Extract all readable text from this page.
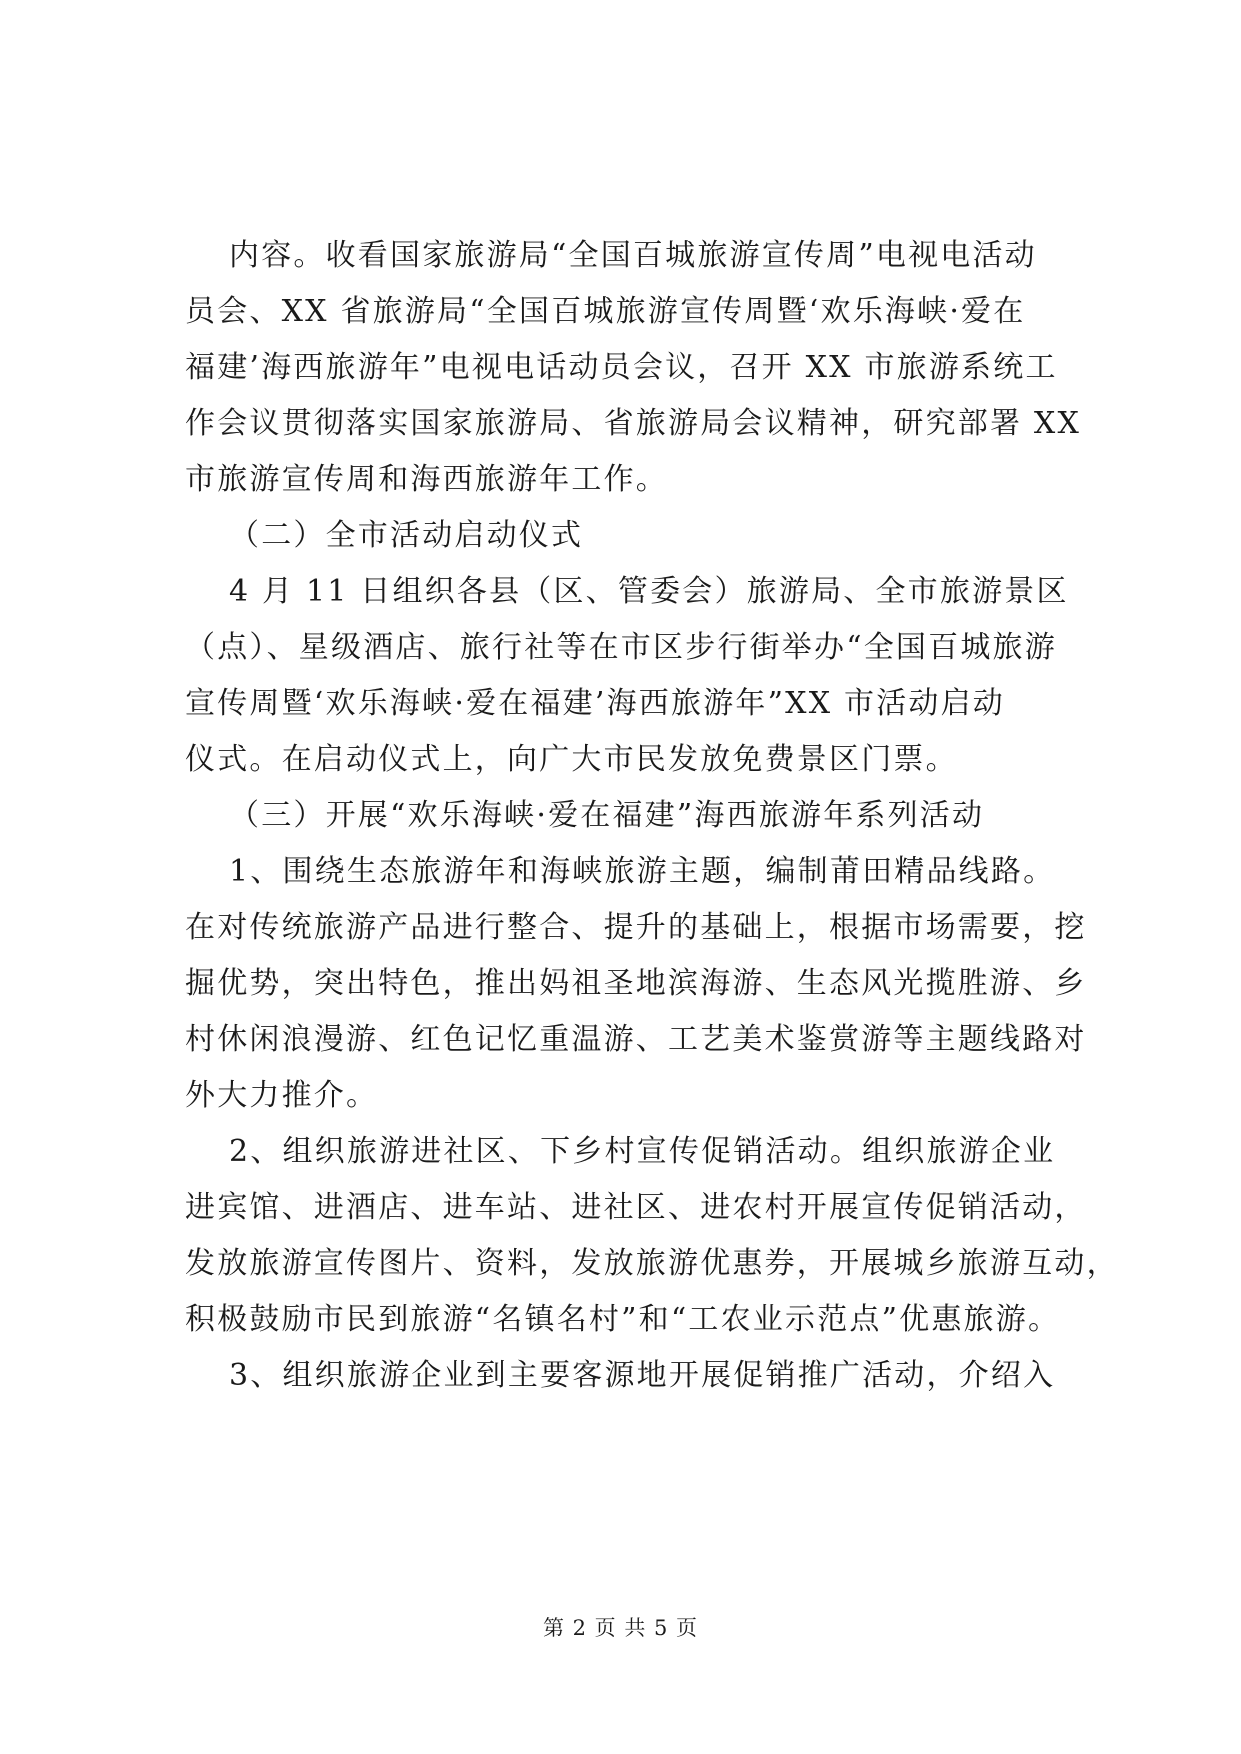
内容。收看国家旅游局“全国百城旅游宣传周”电视电活动
员会、XX 省旅游局“全国百城旅游宣传周暨‘欢乐海峡·爱在
福建’海西旅游年”电视电话动员会议，召开 XX 市旅游系统工
作会议贯彻落实国家旅游局、省旅游局会议精神，研究部署 XX
市旅游宣传周和海西旅游年工作。
（二）全市活动启动仪式
4 月 11 日组织各县（区、管委会）旅游局、全市旅游景区
（点）、星级酒店、旅行社等在市区步行街举办“全国百城旅游
宣传周暨‘欢乐海峡·爱在福建’海西旅游年”XX 市活动启动
仪式。在启动仪式上，向广大市民发放免费景区门票。
（三）开展“欢乐海峡·爱在福建”海西旅游年系列活动
1、围绕生态旅游年和海峡旅游主题，编制莆田精品线路。
在对传统旅游产品进行整合、提升的基础上，根据市场需要，挖
掘优势，突出特色，推出妈祖圣地滨海游、生态风光揽胜游、乡
村休闲浪漫游、红色记忆重温游、工艺美术鉴赏游等主题线路对
外大力推介。
2、组织旅游进社区、下乡村宣传促销活动。组织旅游企业
进宾馆、进酒店、进车站、进社区、进农村开展宣传促销活动，
发放旅游宣传图片、资料，发放旅游优惠券，开展城乡旅游互动，
积极鼓励市民到旅游“名镇名村”和“工农业示范点”优惠旅游。
3、组织旅游企业到主要客源地开展促销推广活动，介绍入
第 2 页 共 5 页
